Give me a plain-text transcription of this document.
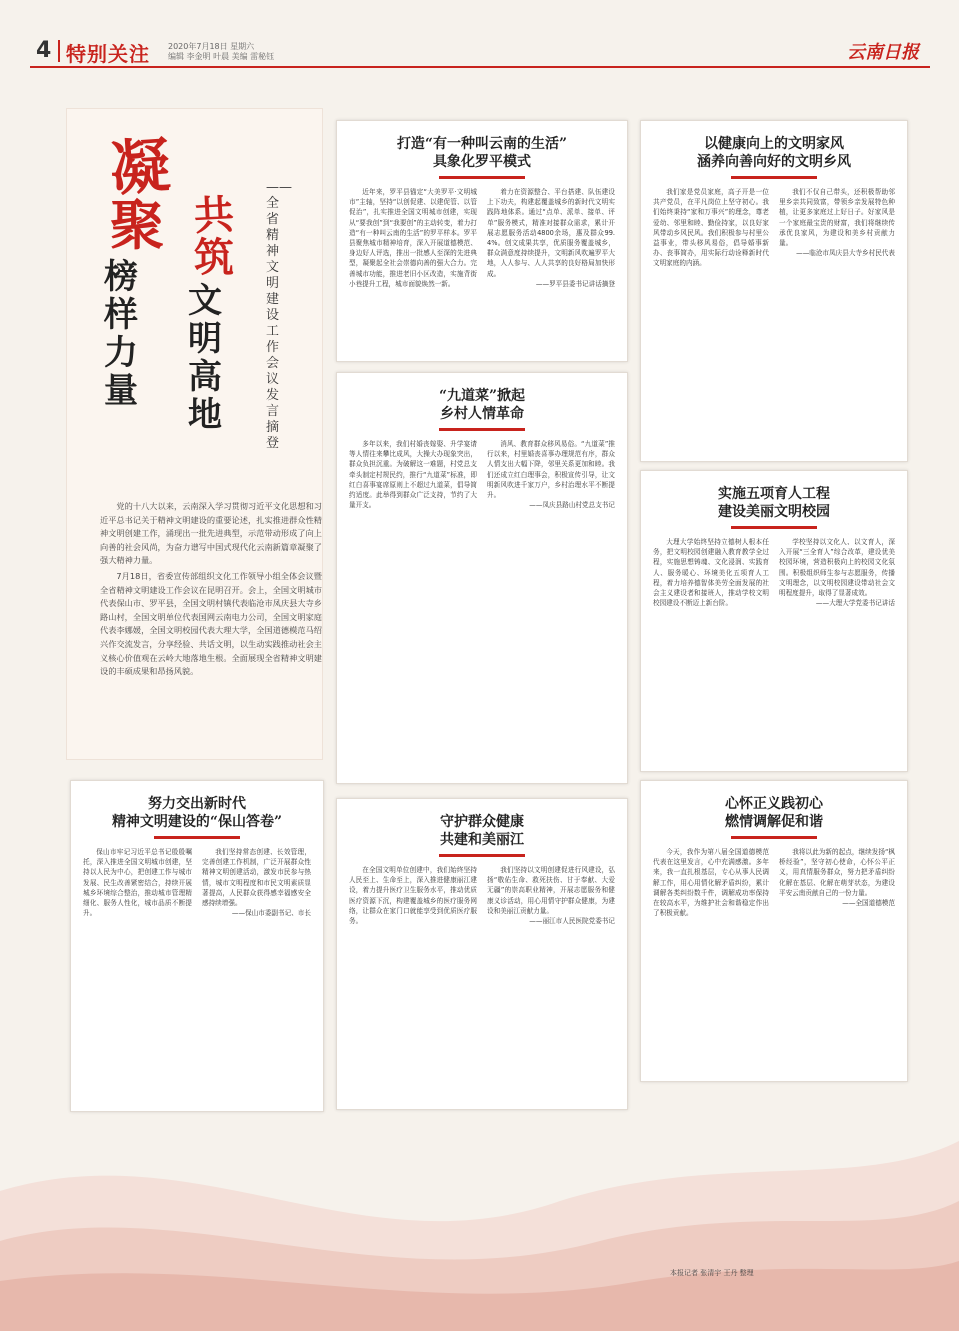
4 特别关注 2020年7月18日 星期六
编辑 李金明 叶晨 美编 雷秘钰	云南日报
凝
聚
榜样力量
共
筑
文明高地
——全省精神文明建设工作会议发言摘登

党的十八大以来，云南深入学习贯彻习近平文化思想和习近平总书记关于精神文明建设的重要论述，扎实推进群众性精神文明创建工作，涌现出一批先进典型，示范带动形成了向上向善的社会风尚，为奋力谱写中国式现代化云南新篇章凝聚了强大精神力量。

7月18日，省委宣传部组织文化工作领导小组全体会议暨全省精神文明建设工作会议在昆明召开。会上，全国文明城市代表保山市、罗平县，全国文明村镇代表临沧市凤庆县大寺乡路山村，全国文明单位代表国网云南电力公司，全国文明家庭代表李娜媛，全国文明校园代表大理大学，全国道德模范马绍兴作交流发言，分享经验、共话文明，以生动实践推动社会主义核心价值观在云岭大地落地生根。全面展现全省精神文明建设的丰硕成果和昂扬风貌。

打造“有一种叫云南的生活”
具象化罗平模式

近年来，罗平县锚定“大美罗平·文明城市”主轴，坚持“以创促建、以建促管、以管促治”，扎实推进全国文明城市创建，实现从“要我创”到“我要创”的主动转变，着力打造“有一种叫云南的生活”的罗平样本。罗平县聚焦城市精神培育，深入开展道德模范、身边好人评选，推出一批感人至深的先进典型，凝聚起全社会崇德向善的强大合力。完善城市功能，推进老旧小区改造，实施背街小巷提升工程，城市面貌焕然一新。

着力在资源整合、平台搭建、队伍建设上下功夫，构建起覆盖城乡的新时代文明实践阵地体系。通过“点单、派单、接单、评单”服务模式，精准对接群众需求，累计开展志愿服务活动4800余场，惠及群众99.4%。创文成果共享，优质服务覆盖城乡，群众满意度持续提升，文明新风吹遍罗平大地，人人参与、人人共享的良好格局加快形成。

——罗平县委书记讲话摘登

以健康向上的文明家风
涵养向善向好的文明乡风

我们家是党员家庭，高子开是一位共产党员，在平凡岗位上坚守初心。我们始终秉持“家和万事兴”的理念，尊老爱幼、邻里和睦、勤俭持家，以良好家风带动乡风民风。我们积极参与村里公益事业，带头移风易俗，倡导婚事新办、丧事简办，用实际行动诠释新时代文明家庭的内涵。

我们不仅自己带头，还积极帮助邻里乡亲共同致富，带领乡亲发展特色种植，让更多家庭过上好日子。好家风是一个家庭最宝贵的财富，我们将继续传承优良家风，为建设和美乡村贡献力量。

——临沧市凤庆县大寺乡村民代表

“九道菜”掀起
乡村人情革命

多年以来，我们村婚丧嫁娶、升学宴请等人情往来攀比成风，大操大办现象突出，群众负担沉重。为破解这一难题，村党总支牵头制定村规民约，推行“九道菜”标准，即红白喜事宴席原则上不超过九道菜，倡导简约适度。此举得到群众广泛支持，节约了大量开支。

消风、教育群众移风易俗。“九道菜”推行以来，村里婚丧喜事办理规范有序，群众人情支出大幅下降，邻里关系更加和睦。我们还成立红白理事会，积极宣传引导，让文明新风吹进千家万户，乡村治理水平不断提升。

——凤庆县路山村党总支书记

实施五项育人工程
建设美丽文明校园

大理大学始终坚持立德树人根本任务，把文明校园创建融入教育教学全过程，实施思想铸魂、文化浸润、实践育人、服务暖心、环境美化五项育人工程，着力培养德智体美劳全面发展的社会主义建设者和接班人，推动学校文明校园建设不断迈上新台阶。

学校坚持以文化人、以文育人，深入开展“三全育人”综合改革，建设优美校园环境，营造积极向上的校园文化氛围。积极组织师生参与志愿服务，传播文明理念，以文明校园建设带动社会文明程度提升，取得了显著成效。

——大理大学党委书记讲话

努力交出新时代
精神文明建设的“保山答卷”

保山市牢记习近平总书记殷殷嘱托，深入推进全国文明城市创建，坚持以人民为中心，把创建工作与城市发展、民生改善紧密结合，持续开展城乡环境综合整治，推动城市管理精细化、服务人性化，城市品质不断提升。

我们坚持常态创建、长效管理，完善创建工作机制，广泛开展群众性精神文明创建活动，激发市民参与热情，城市文明程度和市民文明素质显著提高，人民群众获得感幸福感安全感持续增强。

——保山市委副书记、市长

守护群众健康
共建和美丽江

在全国文明单位创建中，我们始终坚持人民至上、生命至上，深入推进健康丽江建设，着力提升医疗卫生服务水平，推动优质医疗资源下沉，构建覆盖城乡的医疗服务网络，让群众在家门口就能享受到优质医疗服务。

我们坚持以文明创建促进行风建设，弘扬“敬佑生命、救死扶伤、甘于奉献、大爱无疆”的崇高职业精神，开展志愿服务和健康义诊活动，用心用情守护群众健康，为建设和美丽江贡献力量。

——丽江市人民医院党委书记

心怀正义践初心
燃情调解促和谐

今天，我作为第八届全国道德模范代表在这里发言，心中充满感激。多年来，我一直扎根基层，专心从事人民调解工作，用心用情化解矛盾纠纷，累计调解各类纠纷数千件，调解成功率保持在较高水平，为维护社会和谐稳定作出了积极贡献。

我将以此为新的起点，继续发扬“枫桥经验”，坚守初心使命，心怀公平正义，用真情服务群众，努力把矛盾纠纷化解在基层、化解在萌芽状态，为建设平安云南贡献自己的一份力量。

——全国道德模范

本报记者 张清宇 王丹 整理
